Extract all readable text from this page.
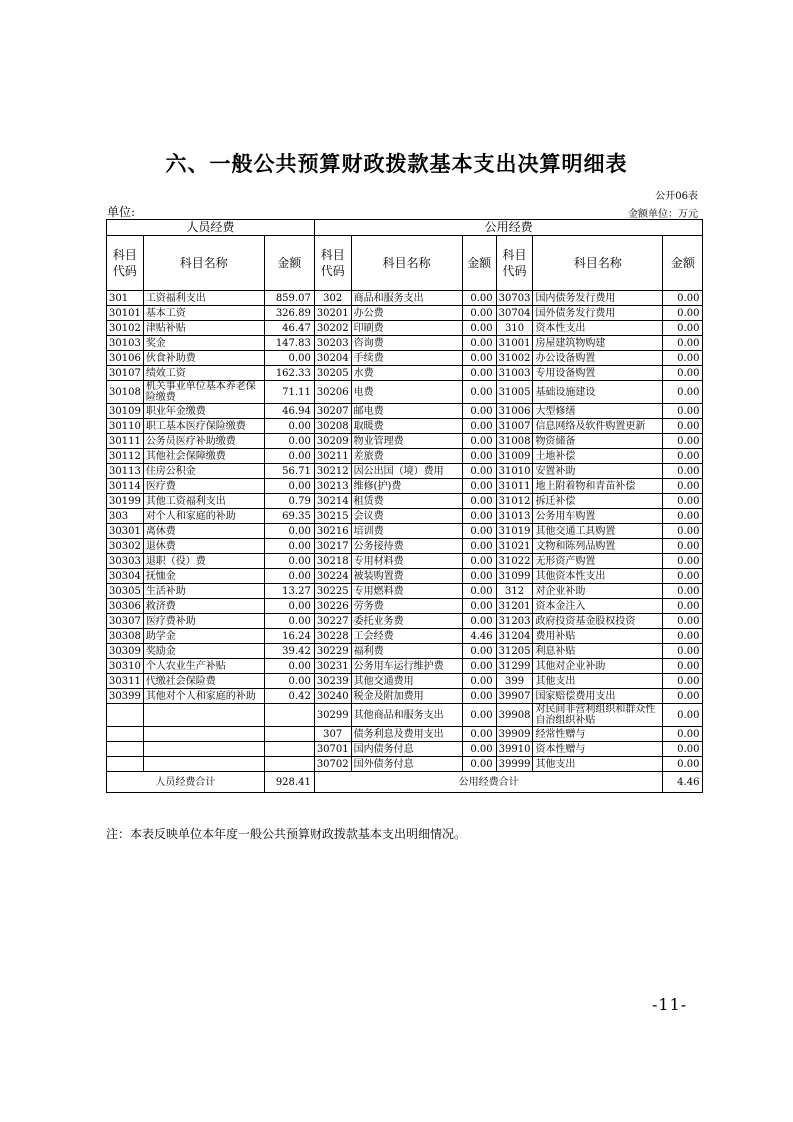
六、一般公共预算财政拨款基本支出决算明细表
公开06表
单位:	金额单位：万元
人员经费			公用经费					
科目代码	科目名称	金额	科目代码	科目名称	金额	科目代码	科目名称	金额
301	工资福利支出	859.07	302	商品和服务支出	0.00	30703	国内债务发行费用	0.00
30101	基本工资	326.89	30201	办公费	0.00	30704	国外债务发行费用	0.00
30102	津贴补贴	46.47	30202	印刷费	0.00	310	资本性支出	0.00
30103	奖金	147.83	30203	咨询费	0.00	31001	房屋建筑物购建	0.00
30106	伙食补助费	0.00	30204	手续费	0.00	31002	办公设备购置	0.00
30107	绩效工资	162.33	30205	水费	0.00	31003	专用设备购置	0.00
30108	机关事业单位基本养老保险缴费	71.11	30206	电费	0.00	31005	基础设施建设	0.00
30109	职业年金缴费	46.94	30207	邮电费	0.00	31006	大型修缮	0.00
30110	职工基本医疗保险缴费	0.00	30208	取暖费	0.00	31007	信息网络及软件购置更新	0.00
30111	公务员医疗补助缴费	0.00	30209	物业管理费	0.00	31008	物资储备	0.00
30112	其他社会保障缴费	0.00	30211	差旅费	0.00	31009	土地补偿	0.00
30113	住房公积金	56.71	30212	因公出国（境）费用	0.00	31010	安置补助	0.00
30114	医疗费	0.00	30213	维修(护)费	0.00	31011	地上附着物和青苗补偿	0.00
30199	其他工资福利支出	0.79	30214	租赁费	0.00	31012	拆迁补偿	0.00
303	对个人和家庭的补助	69.35	30215	会议费	0.00	31013	公务用车购置	0.00
30301	离休费	0.00	30216	培训费	0.00	31019	其他交通工具购置	0.00
30302	退休费	0.00	30217	公务接待费	0.00	31021	文物和陈列品购置	0.00
30303	退职（役）费	0.00	30218	专用材料费	0.00	31022	无形资产购置	0.00
30304	抚恤金	0.00	30224	被装购置费	0.00	31099	其他资本性支出	0.00
30305	生活补助	13.27	30225	专用燃料费	0.00	312	对企业补助	0.00
30306	救济费	0.00	30226	劳务费	0.00	31201	资本金注入	0.00
30307	医疗费补助	0.00	30227	委托业务费	0.00	31203	政府投资基金股权投资	0.00
30308	助学金	16.24	30228	工会经费	4.46	31204	费用补贴	0.00
30309	奖励金	39.42	30229	福利费	0.00	31205	利息补贴	0.00
30310	个人农业生产补贴	0.00	30231	公务用车运行维护费	0.00	31299	其他对企业补助	0.00
30311	代缴社会保险费	0.00	30239	其他交通费用	0.00	399	其他支出	0.00
30399	其他对个人和家庭的补助	0.42	30240	税金及附加费用	0.00	39907	国家赔偿费用支出	0.00
			30299	其他商品和服务支出	0.00	39908	对民间非营利组织和群众性自治组织补贴	0.00
			307	债务利息及费用支出	0.00	39909	经常性赠与	0.00
			30701	国内债务付息	0.00	39910	资本性赠与	0.00
			30702	国外债务付息	0.00	39999	其他支出	0.00
人员经费合计		928.41	公用经费合计					4.46
注：本表反映单位本年度一般公共预算财政拨款基本支出明细情况。
-11-
